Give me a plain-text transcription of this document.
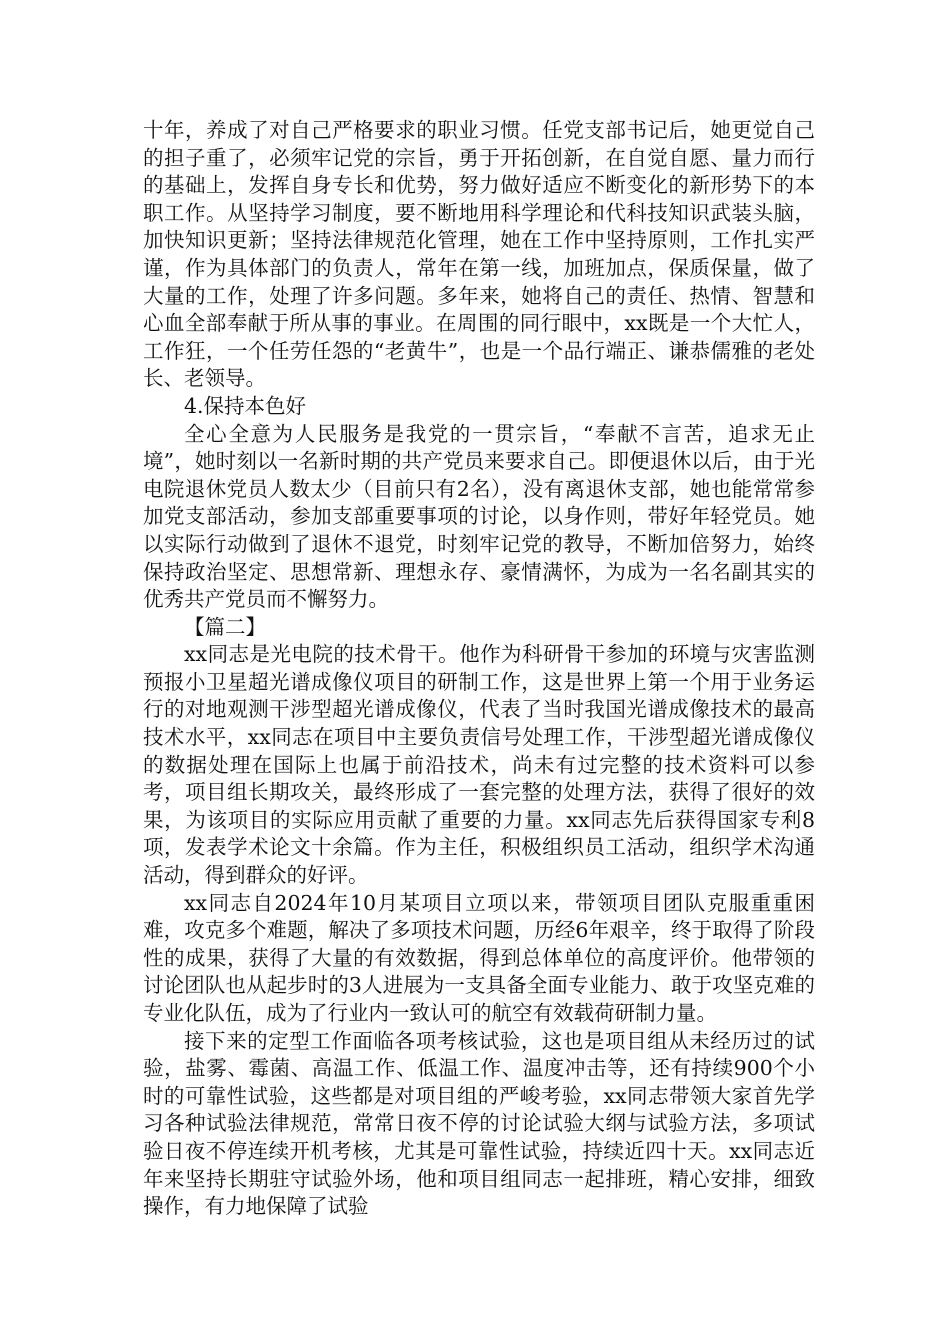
十年，养成了对自己严格要求的职业习惯。任党支部书记后，她更觉自己的担子重了，必须牢记党的宗旨，勇于开拓创新，在自觉自愿、量力而行的基础上，发挥自身专长和优势，努力做好适应不断变化的新形势下的本职工作。从坚持学习制度，要不断地用科学理论和代科技知识武装头脑，加快知识更新；坚持法律规范化管理，她在工作中坚持原则，工作扎实严谨，作为具体部门的负责人，常年在第一线，加班加点，保质保量，做了大量的工作，处理了许多问题。多年来，她将自己的责任、热情、智慧和心血全部奉献于所从事的事业。在周围的同行眼中，xx既是一个大忙人，工作狂，一个任劳任怨的“老黄牛”，也是一个品行端正、谦恭儒雅的老处长、老领导。

4.保持本色好

全心全意为人民服务是我党的一贯宗旨，“奉献不言苦，追求无止境”，她时刻以一名新时期的共产党员来要求自己。即便退休以后，由于光电院退休党员人数太少（目前只有2名），没有离退休支部，她也能常常参加党支部活动，参加支部重要事项的讨论，以身作则，带好年轻党员。她以实际行动做到了退休不退党，时刻牢记党的教导，不断加倍努力，始终保持政治坚定、思想常新、理想永存、豪情满怀，为成为一名名副其实的优秀共产党员而不懈努力。

【篇二】

xx同志是光电院的技术骨干。他作为科研骨干参加的环境与灾害监测预报小卫星超光谱成像仪项目的研制工作，这是世界上第一个用于业务运行的对地观测干涉型超光谱成像仪，代表了当时我国光谱成像技术的最高技术水平，xx同志在项目中主要负责信号处理工作，干涉型超光谱成像仪的数据处理在国际上也属于前沿技术，尚未有过完整的技术资料可以参考，项目组长期攻关，最终形成了一套完整的处理方法，获得了很好的效果，为该项目的实际应用贡献了重要的力量。xx同志先后获得国家专利8项，发表学术论文十余篇。作为主任，积极组织员工活动，组织学术沟通活动，得到群众的好评。

xx同志自2024年10月某项目立项以来，带领项目团队克服重重困难，攻克多个难题，解决了多项技术问题，历经6年艰辛，终于取得了阶段性的成果，获得了大量的有效数据，得到总体单位的高度评价。他带领的讨论团队也从起步时的3人进展为一支具备全面专业能力、敢于攻坚克难的专业化队伍，成为了行业内一致认可的航空有效载荷研制力量。

接下来的定型工作面临各项考核试验，这也是项目组从未经历过的试验，盐雾、霉菌、高温工作、低温工作、温度冲击等，还有持续900个小时的可靠性试验，这些都是对项目组的严峻考验，xx同志带领大家首先学习各种试验法律规范，常常日夜不停的讨论试验大纲与试验方法，多项试验日夜不停连续开机考核，尤其是可靠性试验，持续近四十天。xx同志近年来坚持长期驻守试验外场，他和项目组同志一起排班，精心安排，细致操作，有力地保障了试验
